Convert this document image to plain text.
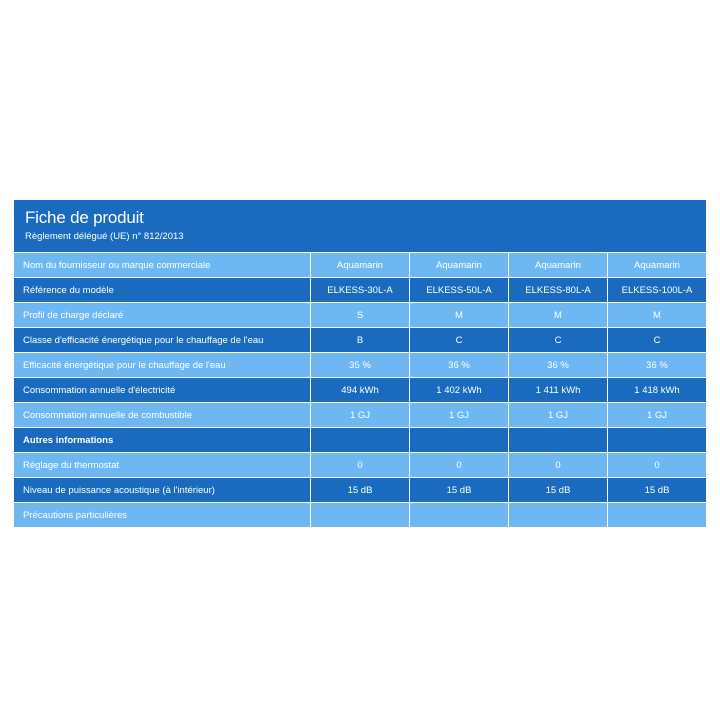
Fiche de produit
Règlement délégué (UE) n° 812/2013
Nom du fournisseur ou marque commerciale	Aquamarin	Aquamarin	Aquamarin	Aquamarin
Référence du modèle	ELKESS-30L-A	ELKESS-50L-A	ELKESS-80L-A	ELKESS-100L-A
Profil de charge déclaré	S	M	M	M
Classe d'efficacité énergétique pour le chauffage de l'eau	B	C	C	C
Efficacité énergétique pour le chauffage de l'eau	35 %	36 %	36 %	36 %
Consommation annuelle d'électricité	494 kWh	1 402 kWh	1 411 kWh	1 418 kWh
Consommation annuelle de combustible	1 GJ	1 GJ	1 GJ	1 GJ
Autres informations
Réglage du thermostat	0	0	0	0
Niveau de puissance acoustique (à l'intérieur)	15 dB	15 dB	15 dB	15 dB
Précautions particulières
